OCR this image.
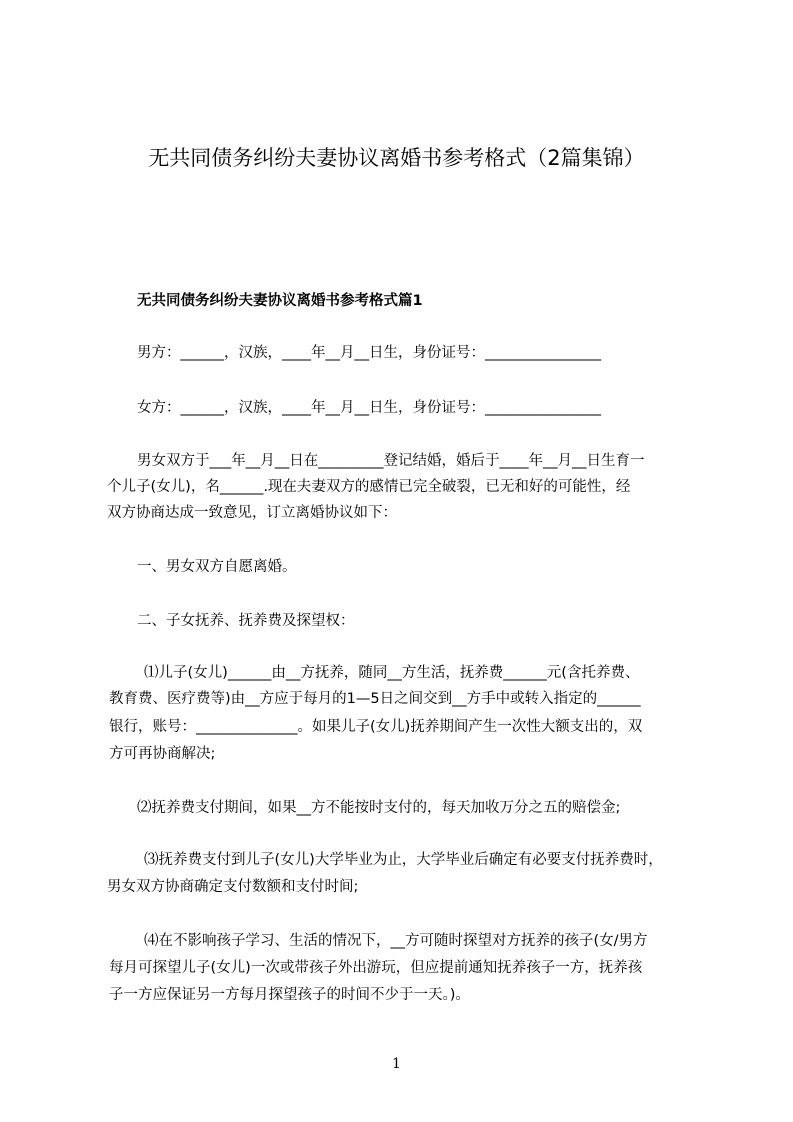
无共同债务纠纷夫妻协议离婚书参考格式（2篇集锦）
无共同债务纠纷夫妻协议离婚书参考格式篇1
男方：______，汉族，____年__月__日生，身份证号：________________
女方：______，汉族，____年__月__日生，身份证号：________________
男女双方于___年__月__日在_________登记结婚，婚后于____年__月__日生育一
个儿子(女儿)，名______.现在夫妻双方的感情已完全破裂，已无和好的可能性，经
双方协商达成一致意见，订立离婚协议如下：
一、男女双方自愿离婚。
二、子女抚养、抚养费及探望权：
⑴儿子(女儿)______由__方抚养，随同__方生活，抚养费______元(含托养费、
教育费、医疗费等)由__方应于每月的1—5日之间交到__方手中或转入指定的______
银行，账号：______________。如果儿子(女儿)抚养期间产生一次性大额支出的，双
方可再协商解决;
⑵抚养费支付期间，如果__方不能按时支付的，每天加收万分之五的赔偿金;
⑶抚养费支付到儿子(女儿)大学毕业为止，大学毕业后确定有必要支付抚养费时，
男女双方协商确定支付数额和支付时间;
⑷在不影响孩子学习、生活的情况下，__方可随时探望对方抚养的孩子(女/男方
每月可探望儿子(女儿)一次或带孩子外出游玩，但应提前通知抚养孩子一方，抚养孩
子一方应保证另一方每月探望孩子的时间不少于一天。)。
1
